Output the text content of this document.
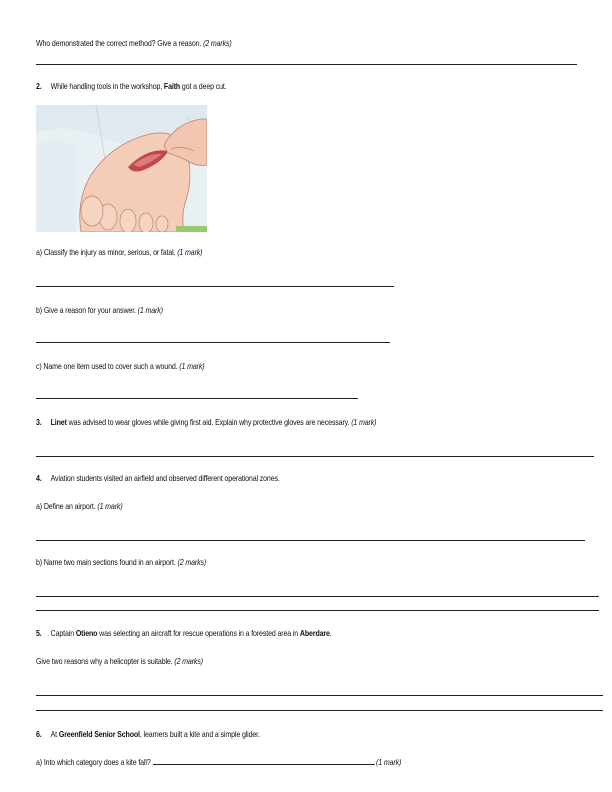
Who demonstrated the correct method? Give a reason. (2 marks)
2. While handling tools in the workshop, Faith got a deep cut.
a) Classify the injury as minor, serious, or fatal. (1 mark)
b) Give a reason for your answer. (1 mark)
c) Name one item used to cover such a wound. (1 mark)
3. Linet was advised to wear gloves while giving first aid. Explain why protective gloves are necessary. (1 mark)
4. Aviation students visited an airfield and observed different operational zones.
a) Define an airport. (1 mark)
b) Name two main sections found in an airport. (2 marks)
5. Captain Otieno was selecting an aircraft for rescue operations in a forested area in Aberdare.
Give two reasons why a helicopter is suitable. (2 marks)
6. At Greenfield Senior School, learners built a kite and a simple glider.
a) Into which category does a kite fall?	(1 mark)
